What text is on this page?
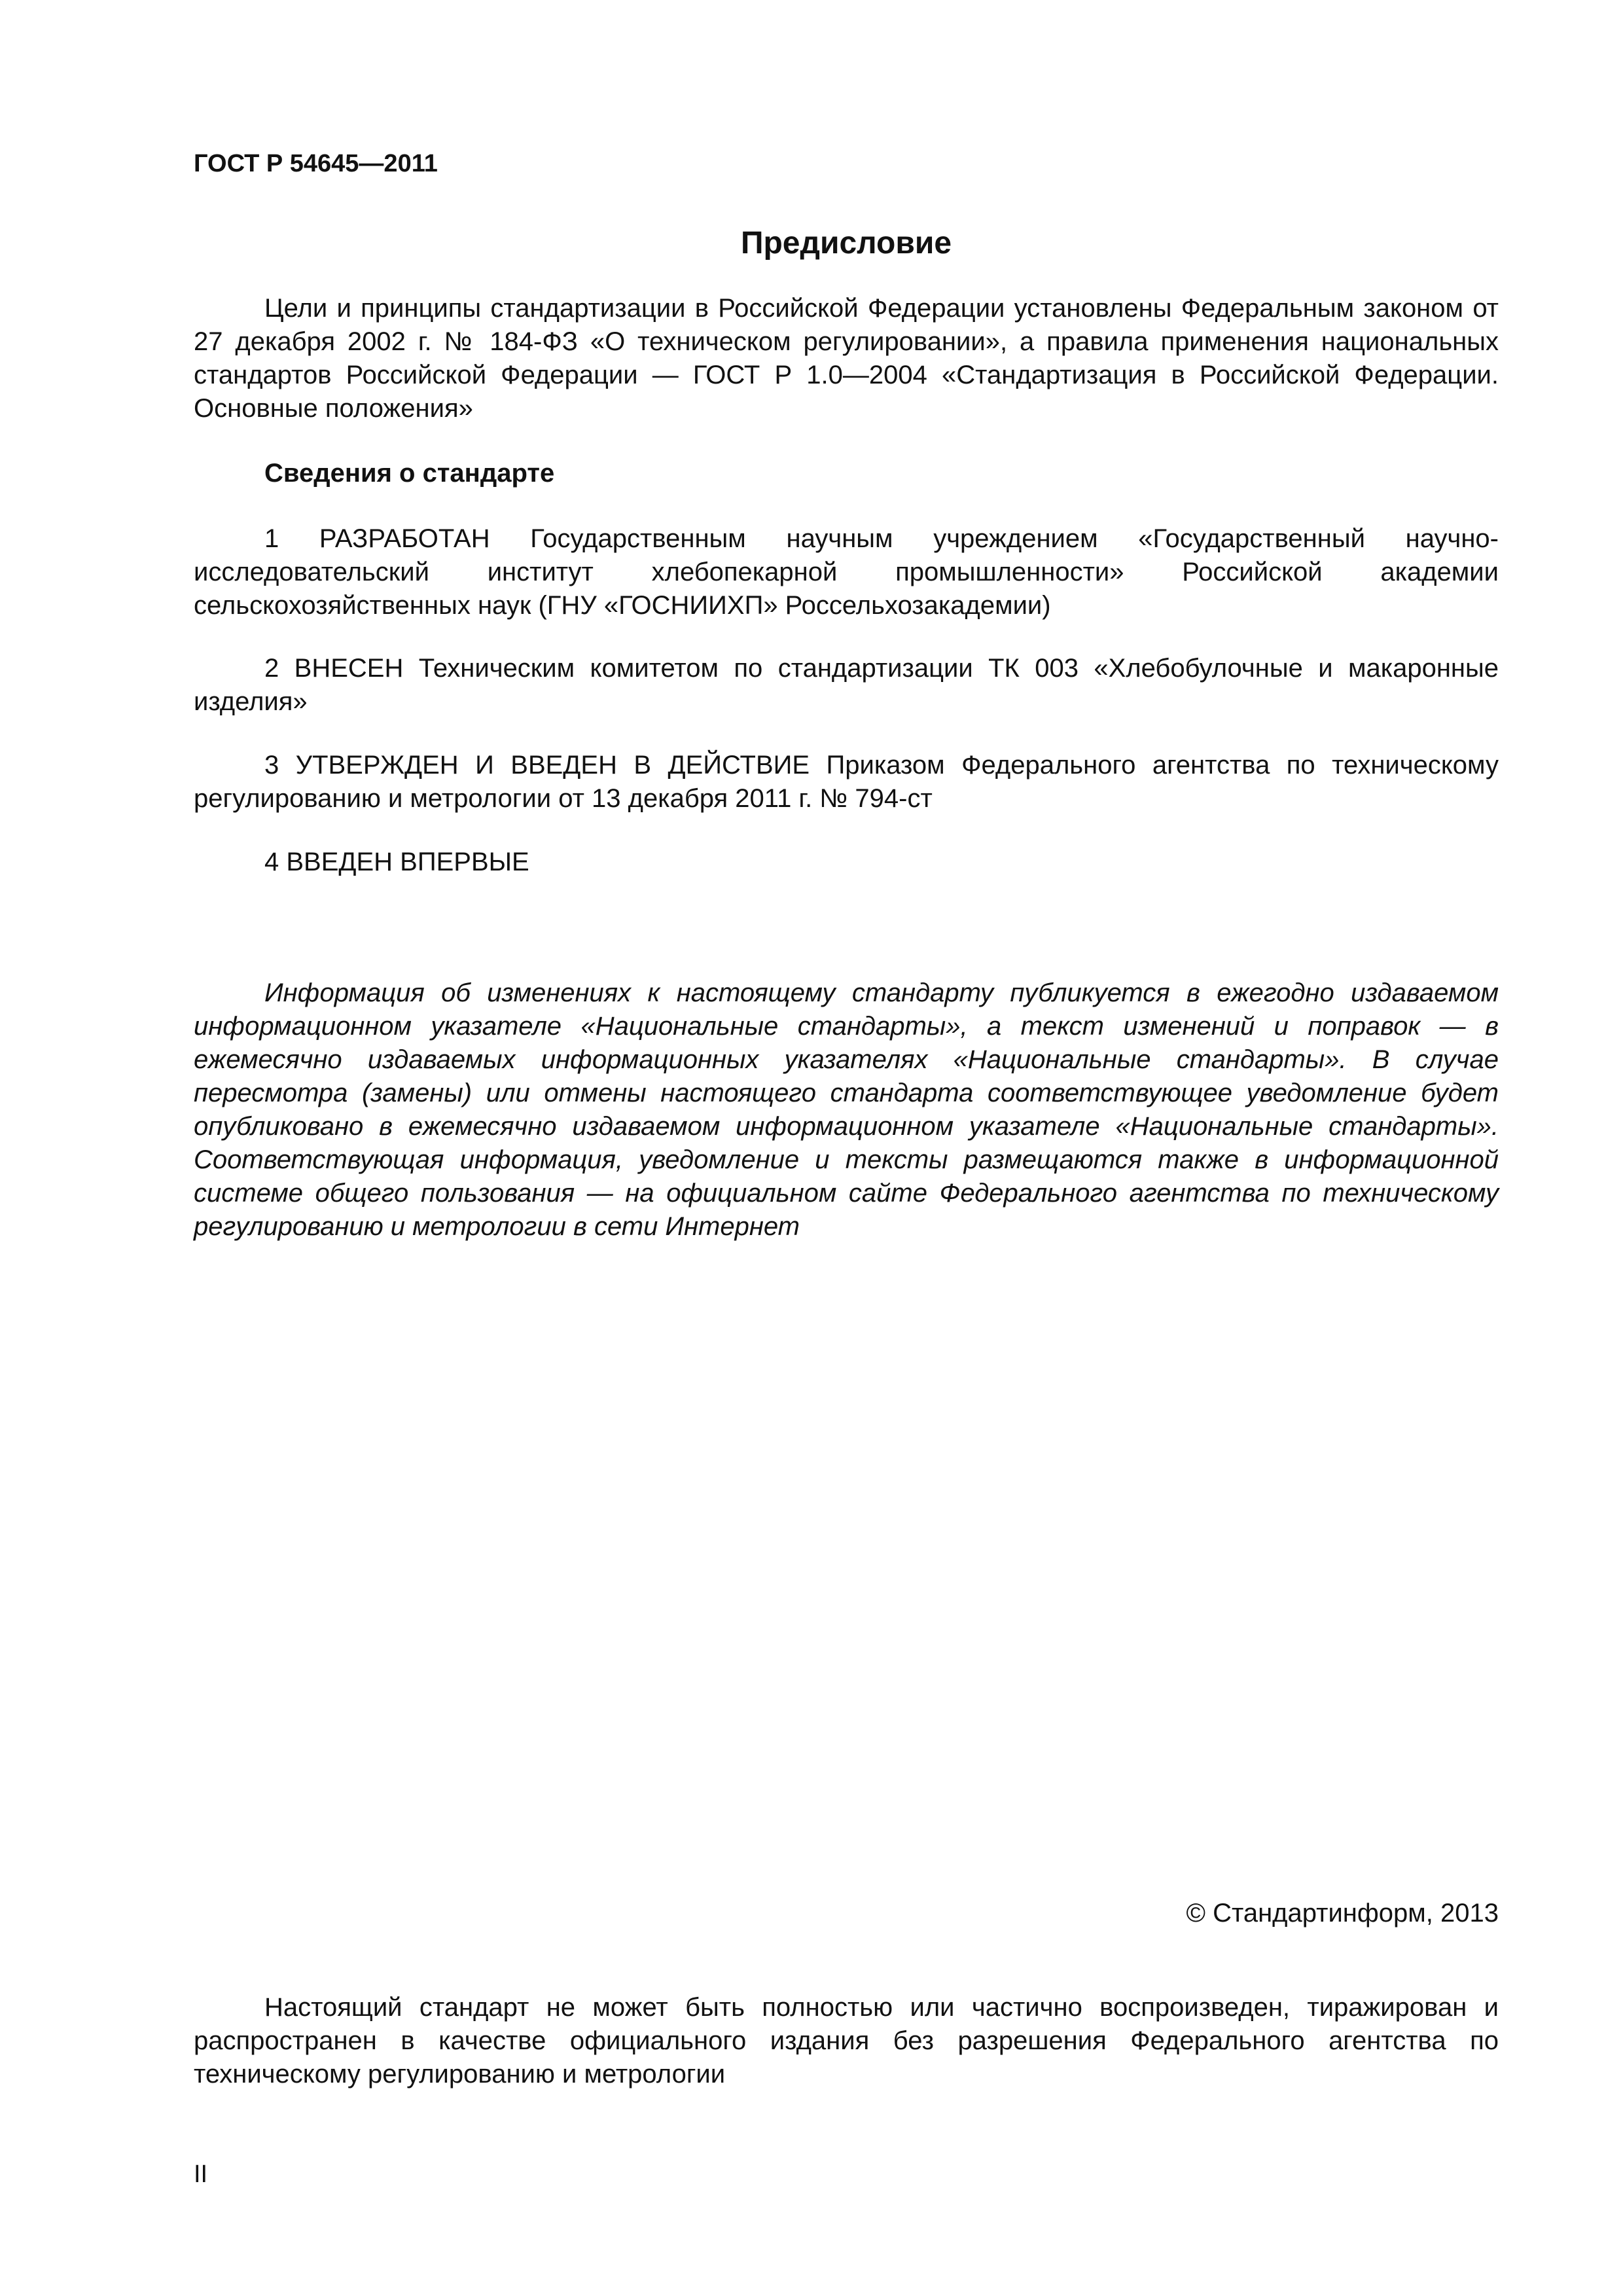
ГОСТ Р 54645—2011
Предисловие

Цели и принципы стандартизации в Российской Федерации установлены Федеральным законом от 27 декабря 2002 г. № 184-ФЗ «О техническом регулировании», а правила применения национальных стандартов Российской Федерации — ГОСТ Р 1.0—2004 «Стандартизация в Российской Федерации. Основные положения»

Сведения о стандарте

1 РАЗРАБОТАН Государственным научным учреждением «Государственный научно-исследовательский институт хлебопекарной промышленности» Российской академии сельскохозяйственных наук (ГНУ «ГОСНИИХП» Россельхозакадемии)

2 ВНЕСЕН Техническим комитетом по стандартизации ТК 003 «Хлебобулочные и макаронные изделия»

3 УТВЕРЖДЕН И ВВЕДЕН В ДЕЙСТВИЕ Приказом Федерального агентства по техническому регулированию и метрологии от 13 декабря 2011 г. № 794-ст

4 ВВЕДЕН ВПЕРВЫЕ

Информация об изменениях к настоящему стандарту публикуется в ежегодно издаваемом информационном указателе «Национальные стандарты», а текст изменений и поправок — в ежемесячно издаваемых информационных указателях «Национальные стандарты». В случае пересмотра (замены) или отмены настоящего стандарта соответствующее уведомление будет опубликовано в ежемесячно издаваемом информационном указателе «Национальные стандарты». Соответствующая информация, уведомление и тексты размещаются также в информационной системе общего пользования — на официальном сайте Федерального агентства по техническому регулированию и метрологии в сети Интернет

© Стандартинформ, 2013

Настоящий стандарт не может быть полностью или частично воспроизведен, тиражирован и распространен в качестве официального издания без разрешения Федерального агентства по техническому регулированию и метрологии

II
